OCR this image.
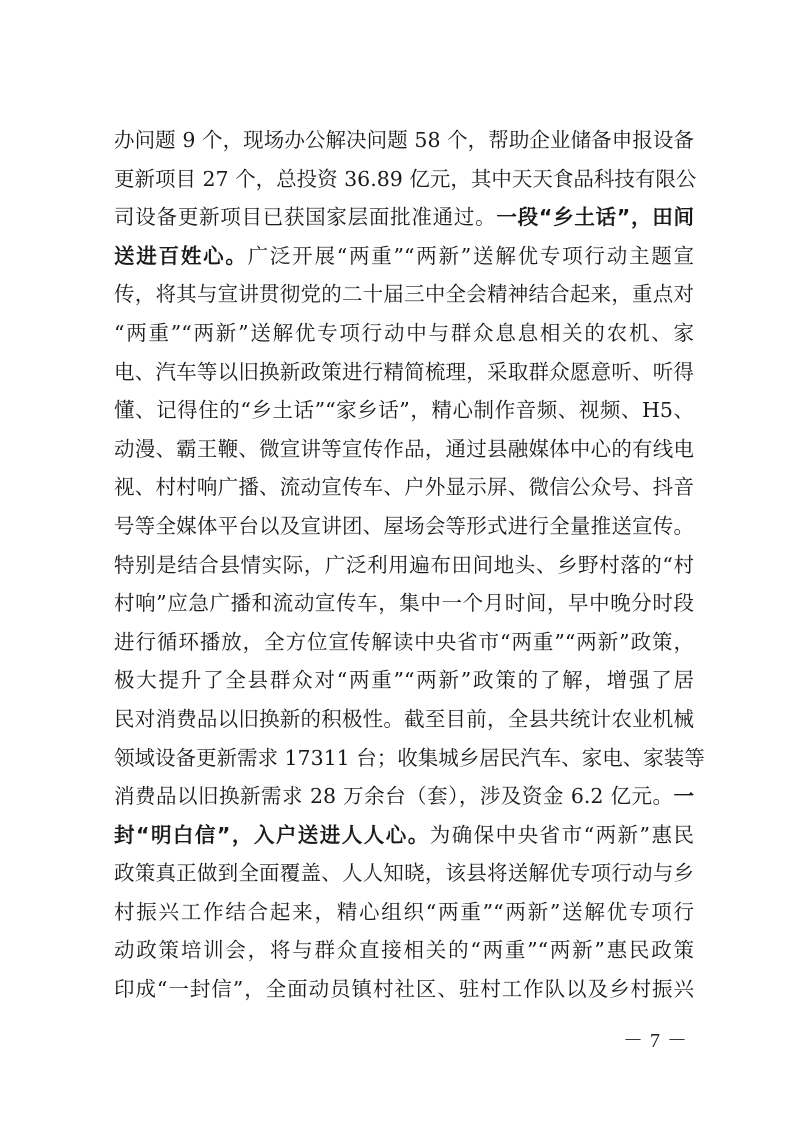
办问题 9 个，现场办公解决问题 58 个，帮助企业储备申报设备
更新项目 27 个，总投资 36.89 亿元，其中天天食品科技有限公
司设备更新项目已获国家层面批准通过。一段“乡土话”，田间
送进百姓心。广泛开展“两重”“两新”送解优专项行动主题宣
传，将其与宣讲贯彻党的二十届三中全会精神结合起来，重点对
“两重”“两新”送解优专项行动中与群众息息相关的农机、家
电、汽车等以旧换新政策进行精简梳理，采取群众愿意听、听得
懂、记得住的“乡土话”“家乡话”，精心制作音频、视频、H5、
动漫、霸王鞭、微宣讲等宣传作品，通过县融媒体中心的有线电
视、村村响广播、流动宣传车、户外显示屏、微信公众号、抖音
号等全媒体平台以及宣讲团、屋场会等形式进行全量推送宣传。
特别是结合县情实际，广泛利用遍布田间地头、乡野村落的“村
村响”应急广播和流动宣传车，集中一个月时间，早中晚分时段
进行循环播放，全方位宣传解读中央省市“两重”“两新”政策，
极大提升了全县群众对“两重”“两新”政策的了解，增强了居
民对消费品以旧换新的积极性。截至目前，全县共统计农业机械
领域设备更新需求 17311 台；收集城乡居民汽车、家电、家装等
消费品以旧换新需求 28 万余台（套），涉及资金 6.2 亿元。一
封“明白信”，入户送进人人心。为确保中央省市“两新”惠民
政策真正做到全面覆盖、人人知晓，该县将送解优专项行动与乡
村振兴工作结合起来，精心组织“两重”“两新”送解优专项行
动政策培训会，将与群众直接相关的“两重”“两新”惠民政策
印成“一封信”，全面动员镇村社区、驻村工作队以及乡村振兴
－ 7 －
